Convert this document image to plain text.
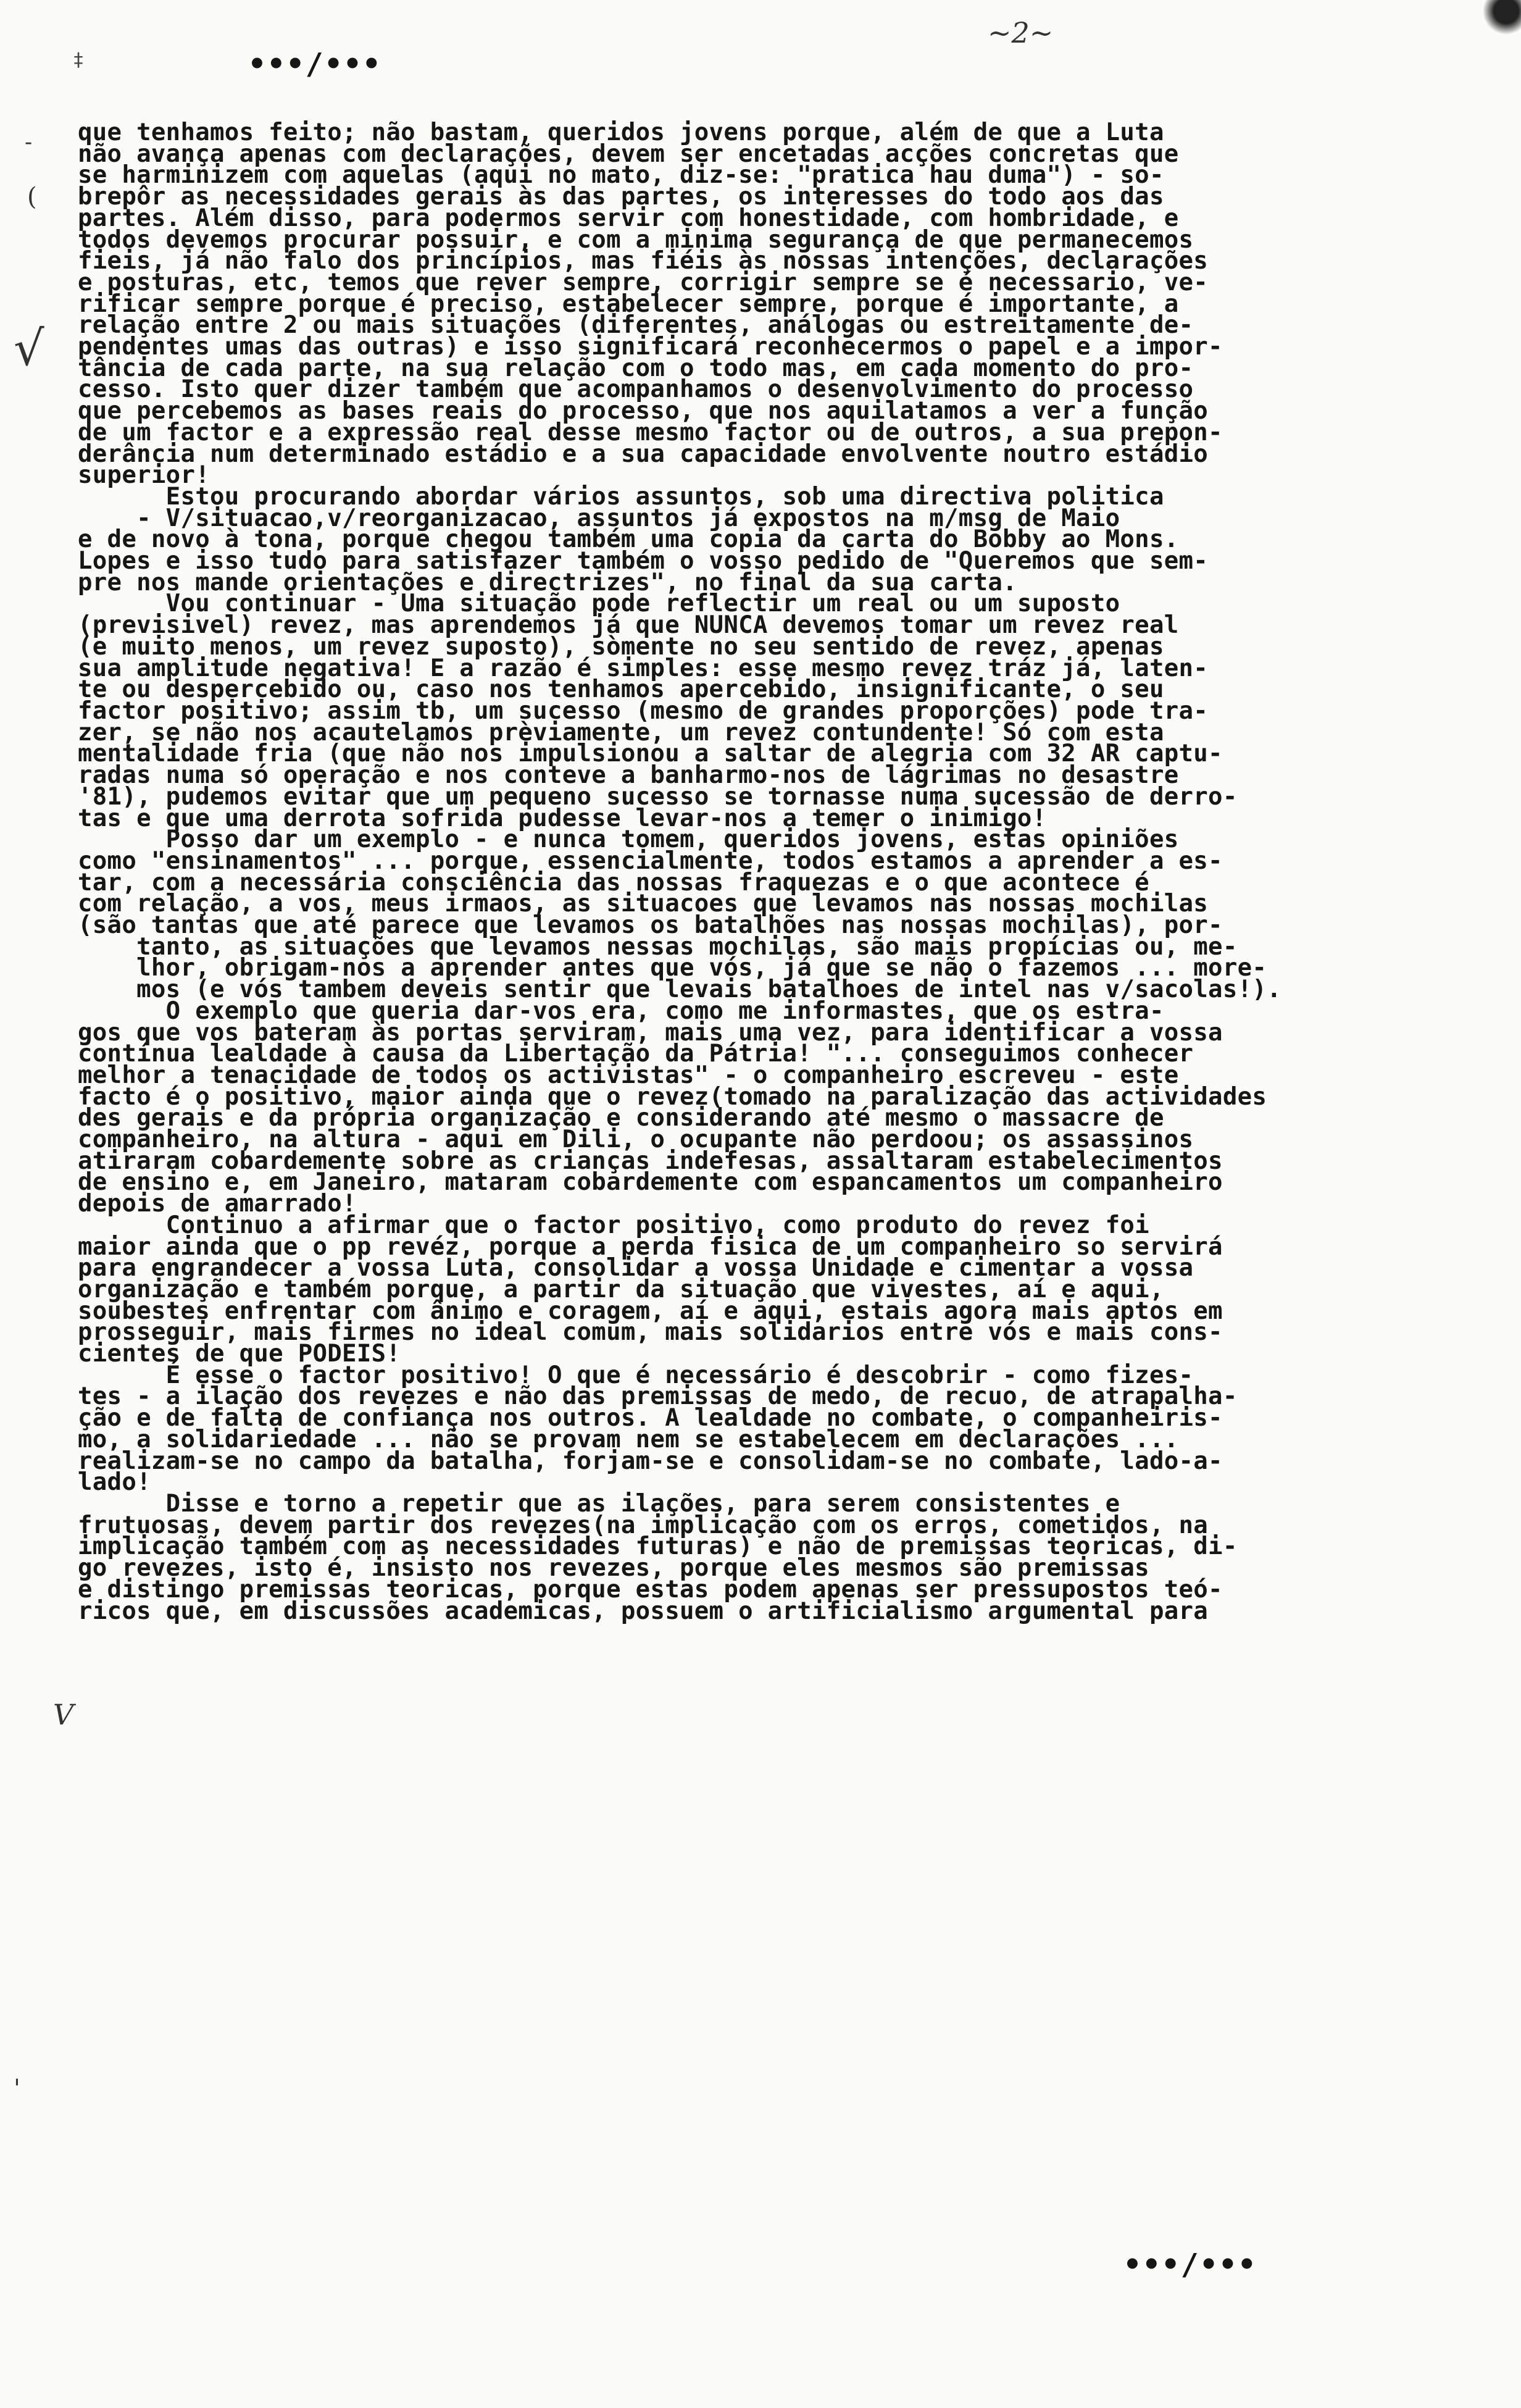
~2~
‡	•••/•••
-
(
√
V
'
que tenhamos feito; não bastam, queridos jovens porque, além de que a Luta
não avança apenas com declarações, devem ser encetadas acções concretas que
se harminizem com aquelas (aqui no mato, diz-se: "pratica hau duma") - so-
brepôr as necessidades gerais às das partes, os interesses do todo aos das
partes. Além disso, para podermos servir com honestidade, com hombridade, e
todos devemos procurar possuir, e com a minima segurança de que permanecemos
fieis, já não falo dos princípios, mas fiéis às nossas intenções, declarações
e posturas, etc, temos que rever sempre, corrigir sempre se é necessario, ve-
rificar sempre porque é preciso, estabelecer sempre, porque é importante, a
relação entre 2 ou mais situações (diferentes, análogas ou estreitamente de-
pendentes umas das outras) e isso significará reconhecermos o papel e a impor-
tância de cada parte, na sua relação com o todo mas, em cada momento do pro-
cesso. Isto quer dizer também que acompanhamos o desenvolvimento do processo
que percebemos as bases reais do processo, que nos aquilatamos a ver a função
de um factor e a expressão real desse mesmo factor ou de outros, a sua prepon-
derância num determinado estádio e a sua capacidade envolvente noutro estádio
superior!
Estou procurando abordar vários assuntos, sob uma directiva politica
- V/situacao,v/reorganizacao, assuntos já expostos na m/msg de Maio
e de novo à tona, porque chegou também uma copia da carta do Bobby ao Mons.
Lopes e isso tudo para satisfazer também o vosso pedido de "Queremos que sem-
pre nos mande orientações e directrizes", no final da sua carta.
Vou continuar - Uma situação pode reflectir um real ou um suposto
(previsivel) revez, mas aprendemos já que NUNCA devemos tomar um revez real
(e muito menos, um revez suposto), sòmente no seu sentido de revez, apenas
sua amplitude negativa! E a razão é simples: esse mesmo revez tráz já, laten-
te ou despercebido ou, caso nos tenhamos apercebido, insignificante, o seu
factor positivo; assim tb, um sucesso (mesmo de grandes proporções) pode tra-
zer, se não nos acautelamos prèviamente, um revez contundente! Só com esta
mentalidade fria (que não nos impulsionou a saltar de alegria com 32 AR captu-
radas numa só operação e nos conteve a banharmo-nos de lágrimas no desastre
'81), pudemos evitar que um pequeno sucesso se tornasse numa sucessão de derro-
tas e que uma derrota sofrida pudesse levar-nos a temer o inimigo!
Posso dar um exemplo - e nunca tomem, queridos jovens, estas opiniões
como "ensinamentos" ... porque, essencialmente, todos estamos a aprender a es-
tar, com a necessária consciência das nossas fraquezas e o que acontece é
com relação, a vos, meus irmaos, as situacoes que levamos nas nossas mochilas
(são tantas que até parece que levamos os batalhões nas nossas mochilas), por-
tanto, as situações que levamos nessas mochilas, são mais propícias ou, me-
lhor, obrigam-nos a aprender antes que vós, já que se não o fazemos ... more-
mos (e vós tambem deveis sentir que levais batalhoes de intel nas v/sacolas!).
O exemplo que queria dar-vos era, como me informastes, que os estra-
gos que vos bateram às portas serviram, mais uma vez, para identificar a vossa
contínua lealdade à causa da Libertação da Pátria! "... conseguimos conhecer
melhor a tenacidade de todos os activistas" - o companheiro escreveu - este
facto é o positivo, maior ainda que o revez(tomado na paralização das actividades
des gerais e da própria organização e considerando até mesmo o massacre de
companheiro, na altura - aqui em Dili, o ocupante não perdoou; os assassinos
atiraram cobardemente sobre as crianças indefesas, assaltaram estabelecimentos
de ensino e, em Janeiro, mataram cobardemente com espancamentos um companheiro
depois de amarrado!
Continuo a afirmar que o factor positivo, como produto do revez foi
maior ainda que o pp revéz, porque a perda fisica de um companheiro so servirá
para engrandecer a vossa Luta, consolidar a vossa Unidade e cimentar a vossa
organização e também porque, a partir da situação que vivestes, aí e aqui,
soubestes enfrentar com ânimo e coragem, aí e aqui, estais agora mais aptos em
prosseguir, mais firmes no ideal comum, mais solidarios entre vós e mais cons-
cientes de que PODEIS!
É esse o factor positivo! O que é necessário é descobrir - como fizes-
tes - a ilação dos revezes e não das premissas de medo, de recuo, de atrapalha-
ção e de falta de confiança nos outros. A lealdade no combate, o companheiris-
mo, a solidariedade ... não se provam nem se estabelecem em declarações ...
realizam-se no campo da batalha, forjam-se e consolidam-se no combate, lado-a-
lado!
Disse e torno a repetir que as ilações, para serem consistentes e
frutuosas, devem partir dos revezes(na implicação com os erros, cometidos, na
implicação também com as necessidades futuras) e não de premissas teoricas, di-
go revezes, isto é, insisto nos revezes, porque eles mesmos são premissas
e distingo premissas teoricas, porque estas podem apenas ser pressupostos teó-
ricos que, em discussões academicas, possuem o artificialismo argumental para
•••/•••
